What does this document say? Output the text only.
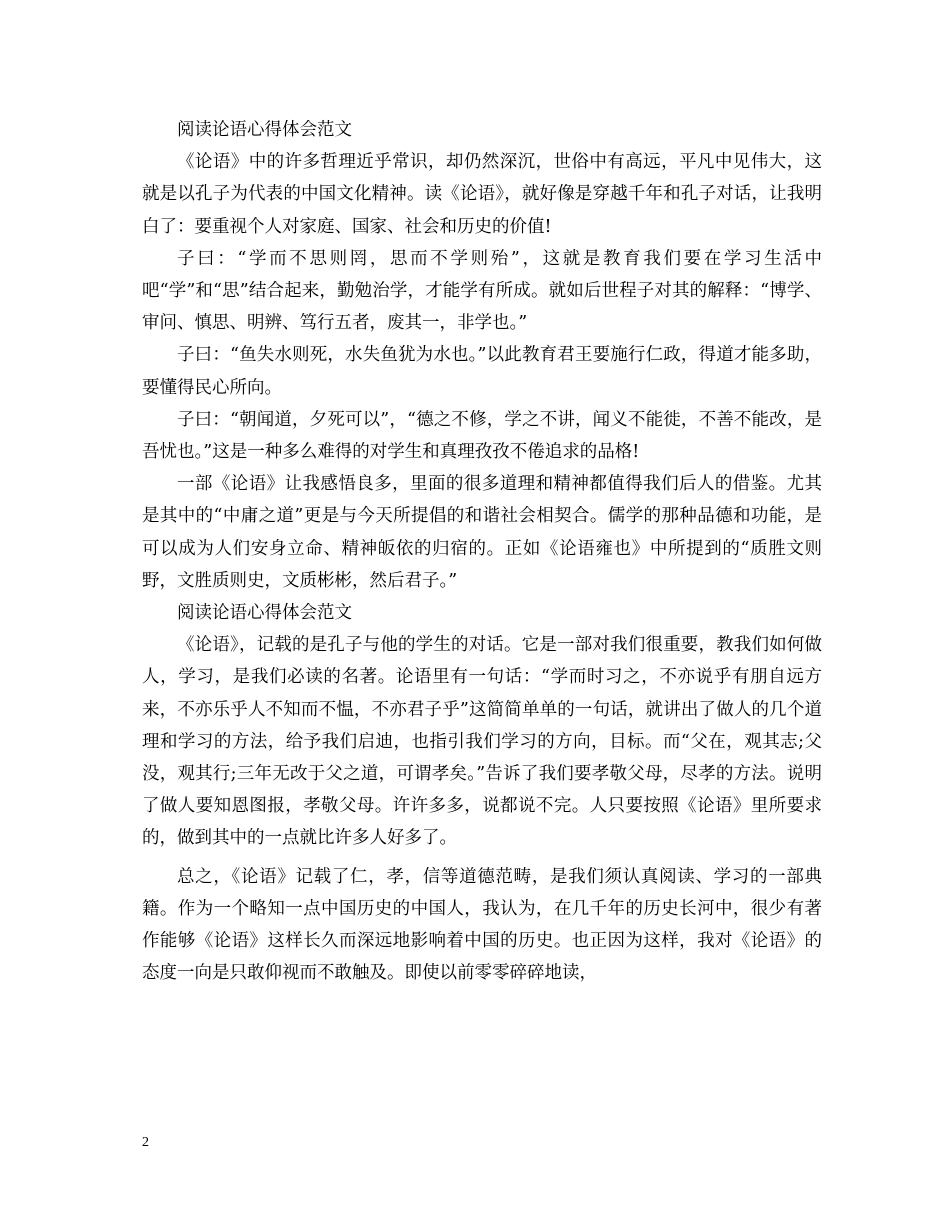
阅读论语心得体会范文

《论语》中的许多哲理近乎常识，却仍然深沉，世俗中有高远，平凡中见伟大，这就是以孔子为代表的中国文化精神。读《论语》，就好像是穿越千年和孔子对话，让我明白了：要重视个人对家庭、国家、社会和历史的价值!

子曰：“学而不思则罔，思而不学则殆”，这就是教育我们要在学习生活中吧“学”和“思”结合起来，勤勉治学，才能学有所成。就如后世程子对其的解释：“博学、审问、慎思、明辨、笃行五者，废其一，非学也。”

子曰：“鱼失水则死，水失鱼犹为水也。”以此教育君王要施行仁政，得道才能多助，要懂得民心所向。

子曰：“朝闻道，夕死可以”，“德之不修，学之不讲，闻义不能徙，不善不能改，是吾忧也。”这是一种多么难得的对学生和真理孜孜不倦追求的品格!

一部《论语》让我感悟良多，里面的很多道理和精神都值得我们后人的借鉴。尤其是其中的“中庸之道”更是与今天所提倡的和谐社会相契合。儒学的那种品德和功能，是可以成为人们安身立命、精神皈依的归宿的。正如《论语雍也》中所提到的“质胜文则野，文胜质则史，文质彬彬，然后君子。”

阅读论语心得体会范文

《论语》，记载的是孔子与他的学生的对话。它是一部对我们很重要，教我们如何做人，学习，是我们必读的名著。论语里有一句话：“学而时习之，不亦说乎有朋自远方来，不亦乐乎人不知而不愠，不亦君子乎”这简简单单的一句话，就讲出了做人的几个道理和学习的方法，给予我们启迪，也指引我们学习的方向，目标。而“父在，观其志;父没，观其行;三年无改于父之道，可谓孝矣。”告诉了我们要孝敬父母，尽孝的方法。说明了做人要知恩图报，孝敬父母。许许多多，说都说不完。人只要按照《论语》里所要求的，做到其中的一点就比许多人好多了。

总之，《论语》记载了仁，孝，信等道德范畴，是我们须认真阅读、学习的一部典籍。作为一个略知一点中国历史的中国人，我认为，在几千年的历史长河中，很少有著作能够《论语》这样长久而深远地影响着中国的历史。也正因为这样，我对《论语》的态度一向是只敢仰视而不敢触及。即使以前零零碎碎地读，

2
